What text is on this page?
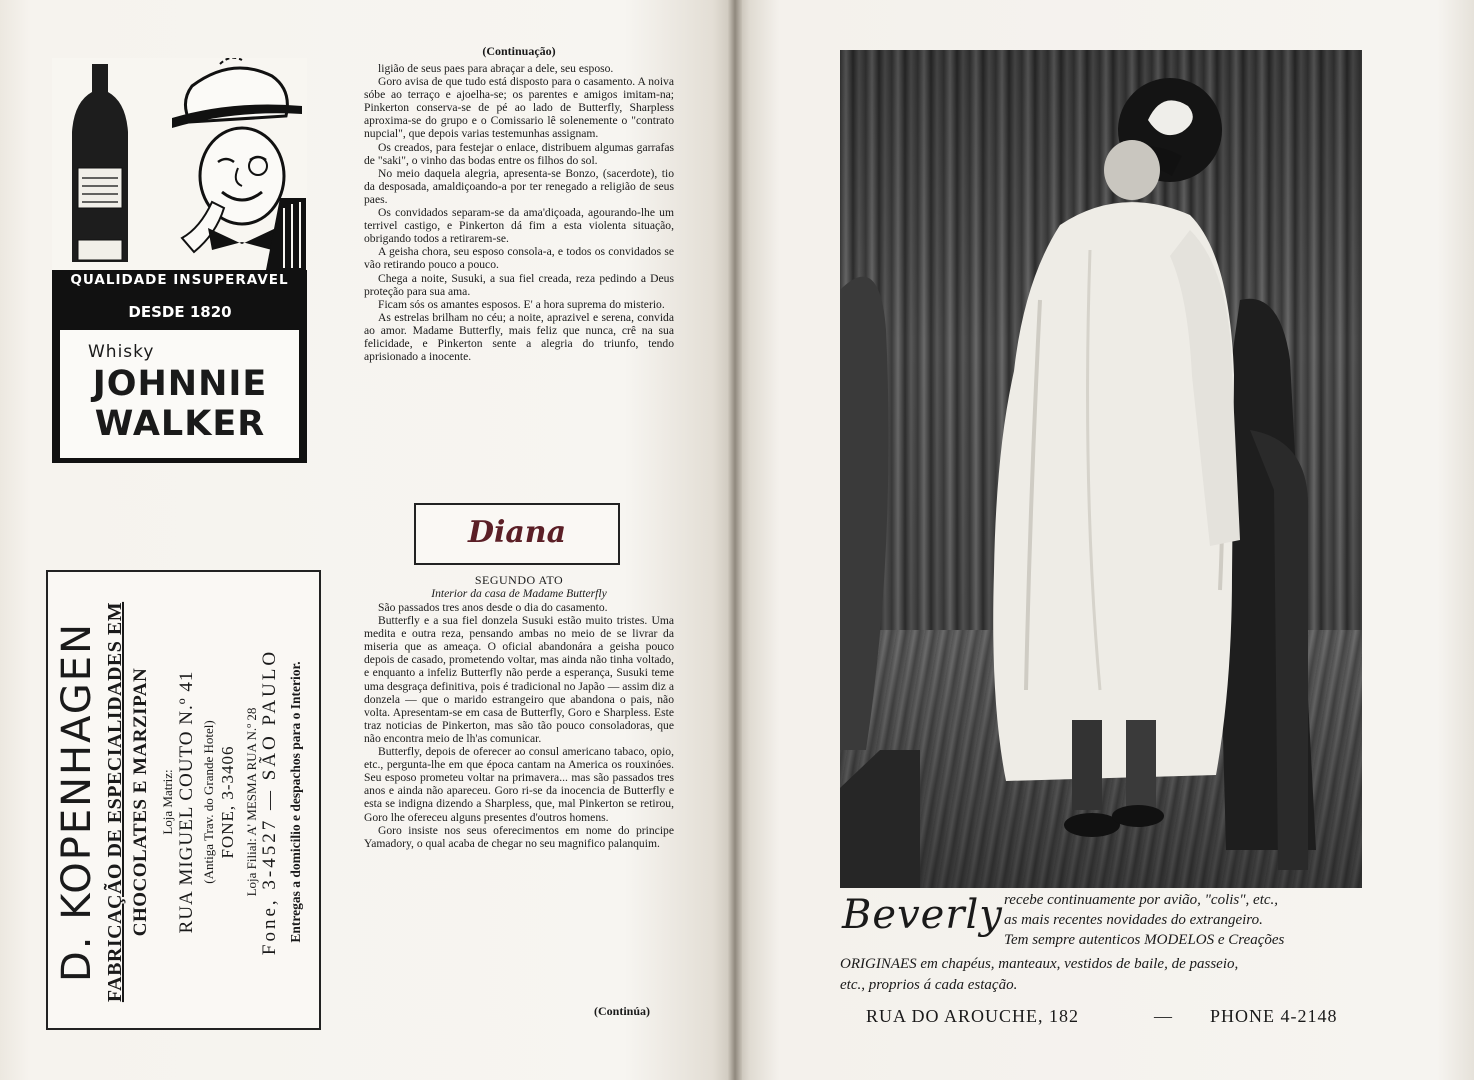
QUALIDADE INSUPERAVEL
DESDE 1820
Whisky
JOHNNIE
WALKER
D. KOPENHAGEN FABRICAÇÃO DE ESPECIALIDADES EM CHOCOLATES E MARZIPAN Loja Matriz: RUA MIGUEL COUTO N.º 41 (Antiga Trav. do Grande Hotel) FONE, 3-3406 Loja Filial: A' MESMA RUA N.º 28 Fone, 3-4527 — SÃO PAULO Entregas a domicilio e despachos para o Interior.
(Continuação)

ligião de seus paes para abraçar a dele, seu esposo.

Goro avisa de que tudo está disposto para o casamento. A noiva sóbe ao terraço e ajoelha-se; os parentes e amigos imitam-na; Pinkerton conserva-se de pé ao lado de Butterfly, Sharpless aproxima-se do grupo e o Comissario lê solenemente o "contrato nupcial", que depois varias testemunhas assignam.

Os creados, para festejar o enlace, distribuem algumas garrafas de "saki", o vinho das bodas entre os filhos do sol.

No meio daquela alegria, apresenta-se Bonzo, (sacerdote), tio da desposada, amaldiçoando-a por ter renegado a religião de seus paes.

Os convidados separam-se da ama'diçoada, agourando-lhe um terrivel castigo, e Pinkerton dá fim a esta violenta situação, obrigando todos a retirarem-se.

A geisha chora, seu esposo consola-a, e todos os convidados se vão retirando pouco a pouco.

Chega a noite, Susuki, a sua fiel creada, reza pedindo a Deus proteção para sua ama.

Ficam sós os amantes esposos. E' a hora suprema do misterio.

As estrelas brilham no céu; a noite, aprazivel e serena, convida ao amor. Madame Butterfly, mais feliz que nunca, crê na sua felicidade, e Pinkerton sente a alegria do triunfo, tendo aprisionado a inocente.

Diana
SEGUNDO ATO
Interior da casa de Madame Butterfly

São passados tres anos desde o dia do casamento.

Butterfly e a sua fiel donzela Susuki estão muito tristes. Uma medita e outra reza, pensando ambas no meio de se livrar da miseria que as ameaça. O oficial abandonára a geisha pouco depois de casado, prometendo voltar, mas ainda não tinha voltado, e enquanto a infeliz Butterfly não perde a esperança, Susuki teme uma desgraça definitiva, pois é tradicional no Japão — assim diz a donzela — que o marido estrangeiro que abandona o pais, não volta. Apresentam-se em casa de Butterfly, Goro e Sharpless. Este traz noticias de Pinkerton, mas são tão pouco consoladoras, que não encontra meio de lh'as comunicar.

Butterfly, depois de oferecer ao consul americano tabaco, opio, etc., pergunta-lhe em que época cantam na America os rouxinóes. Seu esposo prometeu voltar na primavera... mas são passados tres anos e ainda não apareceu. Goro ri-se da inocencia de Butterfly e esta se indigna dizendo a Sharpless, que, mal Pinkerton se retirou, Goro lhe ofereceu alguns presentes d'outros homens.

Goro insiste nos seus oferecimentos em nome do principe Yamadory, o qual acaba de chegar no seu magnifico palanquim.

(Continúa)
Beverly recebe continuamente por avião, "colis", etc.,
as mais recentes novidades do extrangeiro.
Tem sempre autenticos MODELOS e Creações
ORIGINAES em chapéus, manteaux, vestidos de baile, de passeio,
etc., proprios á cada estação.
RUA DO AROUCHE, 182	— PHONE 4-2148
